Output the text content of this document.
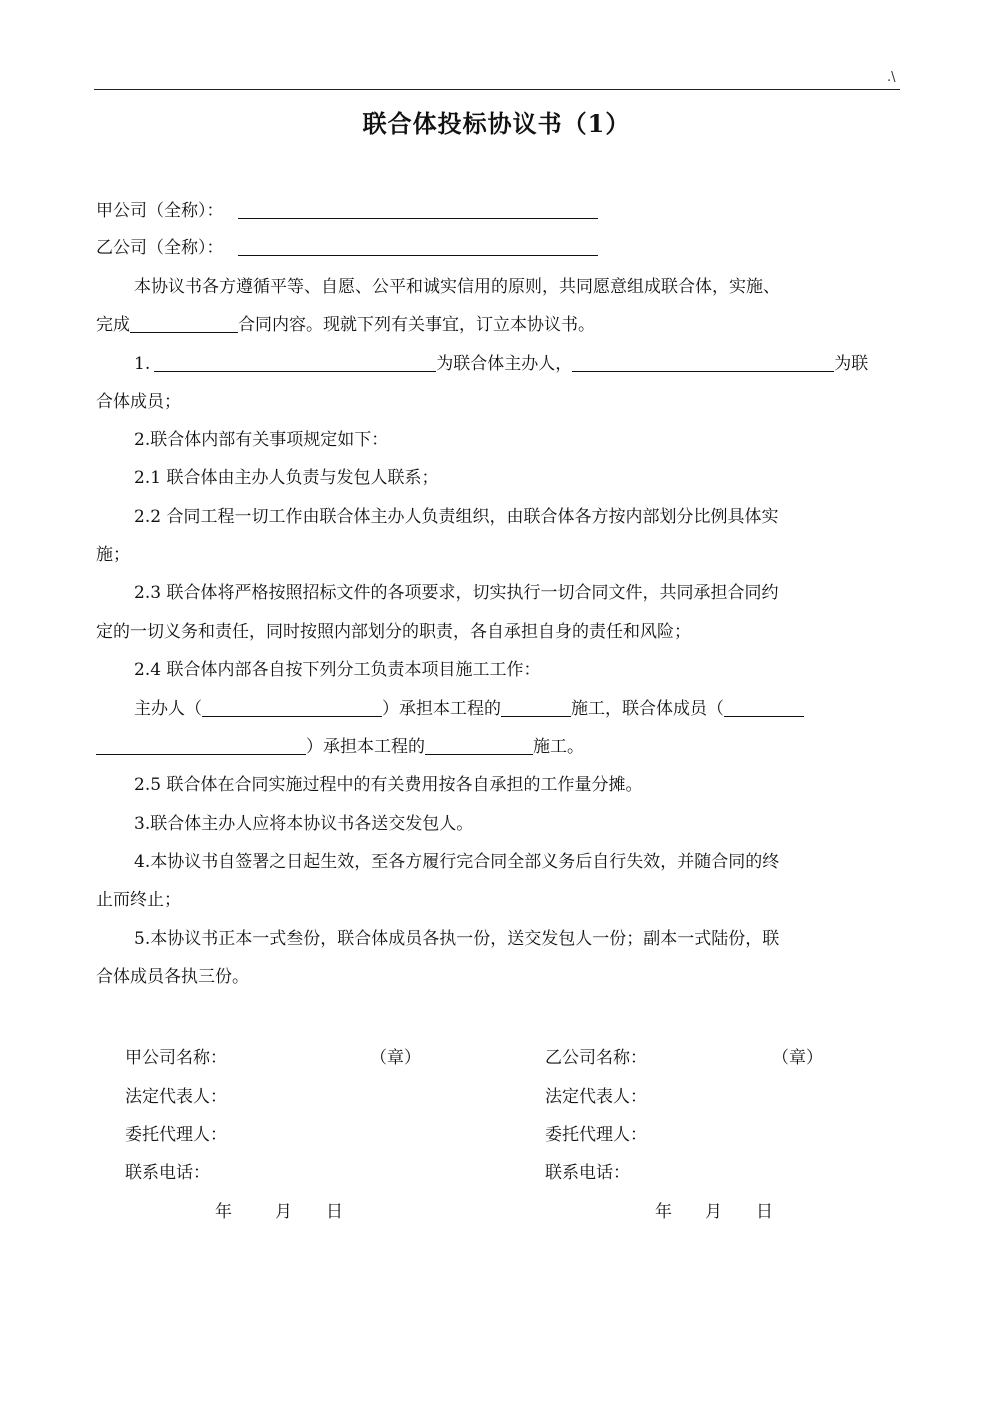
.\
联合体投标协议书（1）
甲公司（全称）：
乙公司（全称）：
本协议书各方遵循平等、自愿、公平和诚实信用的原则，共同愿意组成联合体，实施、
完成	合同内容。现就下列有关事宜，订立本协议书。
1.	为联合体主办人，	为联
合体成员；
2.联合体内部有关事项规定如下：
2.1 联合体由主办人负责与发包人联系；
2.2 合同工程一切工作由联合体主办人负责组织，由联合体各方按内部划分比例具体实
施；
2.3 联合体将严格按照招标文件的各项要求，切实执行一切合同文件，共同承担合同约
定的一切义务和责任，同时按照内部划分的职责，各自承担自身的责任和风险；
2.4 联合体内部各自按下列分工负责本项目施工工作：
主办人（	）承担本工程的	施工，联合体成员（
）承担本工程的	施工。
2.5 联合体在合同实施过程中的有关费用按各自承担的工作量分摊。
3.联合体主办人应将本协议书各送交发包人。
4.本协议书自签署之日起生效，至各方履行完合同全部义务后自行失效，并随合同的终
止而终止；
5.本协议书正本一式叁份，联合体成员各执一份，送交发包人一份；副本一式陆份，联
合体成员各执三份。
甲公司名称：	（章）
法定代表人：
委托代理人：
联系电话：
年	月 日
乙公司名称：	（章）
法定代表人：
委托代理人：
联系电话：
年 月 日
